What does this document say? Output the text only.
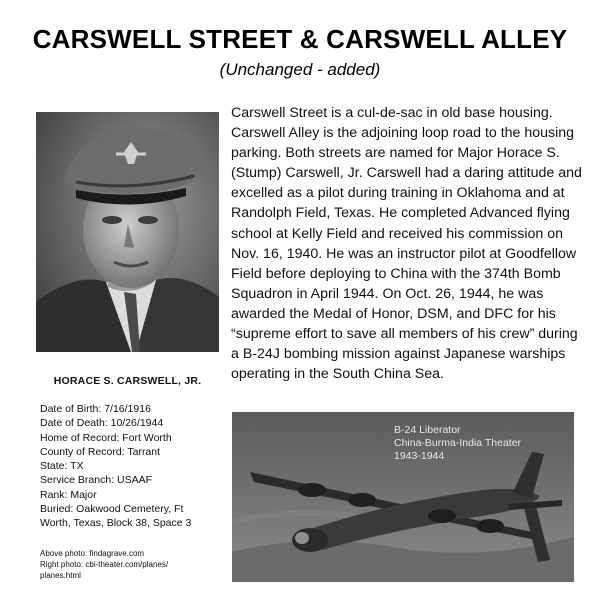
CARSWELL STREET & CARSWELL ALLEY
(Unchanged - added)
HORACE S. CARSWELL, JR.
Date of Birth: 7/16/1916
Date of Death: 10/26/1944
Home of Record: Fort Worth
County of Record: Tarrant
State: TX
Service Branch: USAAF
Rank: Major
Buried: Oakwood Cemetery, Ft
Worth, Texas, Block 38, Space 3
Above photo: findagrave.com
Right photo: cbi-theater.com/planes/
planes.html

Carswell Street is a cul-de-sac in old base housing. Carswell Alley is the adjoining loop road to the housing parking. Both streets are named for Major Horace S. (Stump) Carswell, Jr. Carswell had a daring attitude and excelled as a pilot during training in Oklahoma and at Randolph Field, Texas. He completed Advanced flying school at Kelly Field and received his commission on Nov. 16, 1940. He was an instructor pilot at Goodfellow Field before deploying to China with the 374th Bomb Squadron in April 1944. On Oct. 26, 1944, he was awarded the Medal of Honor, DSM, and DFC for his “supreme effort to save all members of his crew” during a B-24J bombing mission against Japanese warships operating in the South China Sea.

B-24 Liberator
China-Burma-India Theater
1943-1944
